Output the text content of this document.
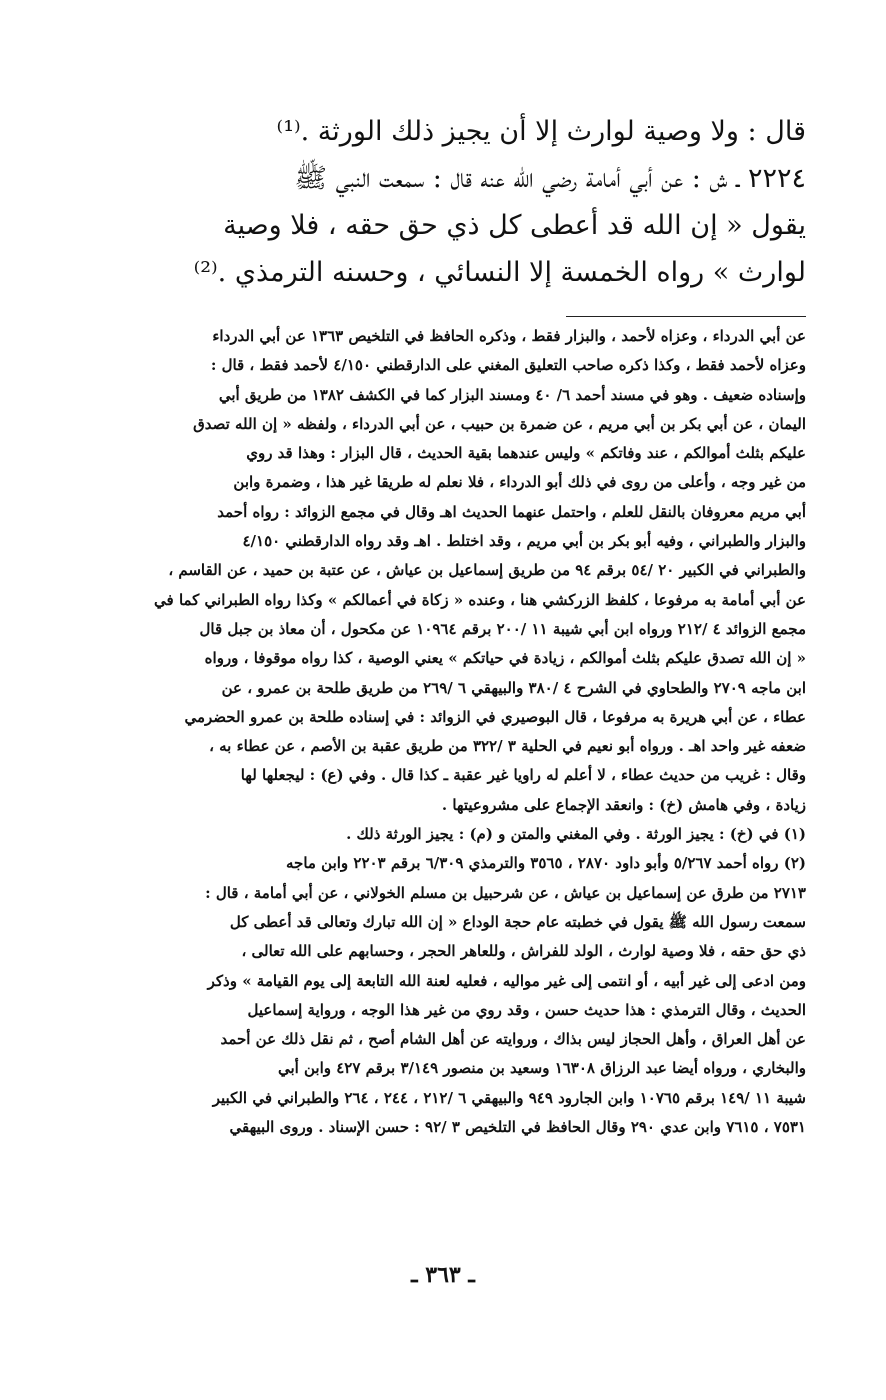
قال : ولا وصية لوارث إلا أن يجيز ذلك الورثة .⁽¹⁾
٢٢٢٤ ـ ش : عن أبي أمامة رضي الله عنه قال : سمعت النبي ﷺ
يقول « إن الله قد أعطى كل ذي حق حقه ، فلا وصية
لوارث » رواه الخمسة إلا النسائي ، وحسنه الترمذي .⁽²⁾
عن أبي الدرداء ، وعزاه لأحمد ، والبزار فقط ، وذكره الحافظ في التلخيص ١٣٦٣ عن أبي الدرداء
وعزاه لأحمد فقط ، وكذا ذكره صاحب التعليق المغني على الدارقطني ٤/١٥٠ لأحمد فقط ، قال :
وإسناده ضعيف . وهو في مسند أحمد ٦/ ٤٠ ومسند البزار كما في الكشف ١٣٨٢ من طريق أبي
اليمان ، عن أبي بكر بن أبي مريم ، عن ضمرة بن حبيب ، عن أبي الدرداء ، ولفظه « إن الله تصدق
عليكم بثلث أموالكم ، عند وفاتكم » وليس عندهما بقية الحديث ، قال البزار : وهذا قد روي
من غير وجه ، وأعلى من روى في ذلك أبو الدرداء ، فلا نعلم له طريقا غير هذا ، وضمرة وابن
أبي مريم معروفان بالنقل للعلم ، واحتمل عنهما الحديث اهـ وقال في مجمع الزوائد : رواه أحمد
والبزار والطبراني ، وفيه أبو بكر بن أبي مريم ، وقد اختلط . اهـ وقد رواه الدارقطني ٤/١٥٠
والطبراني في الكبير ٢٠ /٥٤ برقم ٩٤ من طريق إسماعيل بن عياش ، عن عتبة بن حميد ، عن القاسم ،
عن أبي أمامة به مرفوعا ، كلفظ الزركشي هنا ، وعنده « زكاة في أعمالكم » وكذا رواه الطبراني كما في
مجمع الزوائد ٤ /٢١٢ ورواه ابن أبي شيبة ١١ /٢٠٠ برقم ١٠٩٦٤ عن مكحول ، أن معاذ بن جبل قال
« إن الله تصدق عليكم بثلث أموالكم ، زيادة في حياتكم » يعني الوصية ، كذا رواه موقوفا ، ورواه
ابن ماجه ٢٧٠٩ والطحاوي في الشرح ٤ /٣٨٠ والبيهقي ٦ /٢٦٩ من طريق طلحة بن عمرو ، عن
عطاء ، عن أبي هريرة به مرفوعا ، قال البوصيري في الزوائد : في إسناده طلحة بن عمرو الحضرمي
ضعفه غير واحد اهـ . ورواه أبو نعيم في الحلية ٣ /٣٢٢ من طريق عقبة بن الأصم ، عن عطاء به ،
وقال : غريب من حديث عطاء ، لا أعلم له راويا غير عقبة ـ كذا قال . وفي (ع) : ليجعلها لها
زيادة ، وفي هامش (خ) : وانعقد الإجماع على مشروعيتها .
(١) في (خ) : يجيز الورثة . وفي المغني والمتن و (م) : يجيز الورثة ذلك .
(٢) رواه أحمد ٥/٢٦٧ وأبو داود ٢٨٧٠ ، ٣٥٦٥ والترمذي ٦/٣٠٩ برقم ٢٢٠٣ وابن ماجه
٢٧١٣ من طرق عن إسماعيل بن عياش ، عن شرحبيل بن مسلم الخولاني ، عن أبي أمامة ، قال :
سمعت رسول الله ﷺ يقول في خطبته عام حجة الوداع « إن الله تبارك وتعالى قد أعطى كل
ذي حق حقه ، فلا وصية لوارث ، الولد للفراش ، وللعاهر الحجر ، وحسابهم على الله تعالى ،
ومن ادعى إلى غير أبيه ، أو انتمى إلى غير مواليه ، فعليه لعنة الله التابعة إلى يوم القيامة » وذكر
الحديث ، وقال الترمذي : هذا حديث حسن ، وقد روي من غير هذا الوجه ، ورواية إسماعيل
عن أهل العراق ، وأهل الحجاز ليس بذاك ، وروايته عن أهل الشام أصح ، ثم نقل ذلك عن أحمد
والبخاري ، ورواه أيضا عبد الرزاق ١٦٣٠٨ وسعيد بن منصور ٣/١٤٩ برقم ٤٢٧ وابن أبي
شيبة ١١ /١٤٩ برقم ١٠٧٦٥ وابن الجارود ٩٤٩ والبيهقي ٦ /٢١٢ ، ٢٤٤ ، ٢٦٤ والطبراني في الكبير
٧٥٣١ ، ٧٦١٥ وابن عدي ٢٩٠ وقال الحافظ في التلخيص ٣ /٩٢ : حسن الإسناد . وروى البيهقي
ـ ٣٦٣ ـ
